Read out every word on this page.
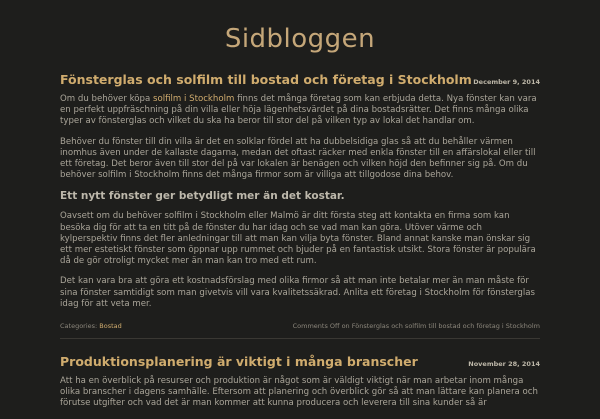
Sidbloggen
Fönsterglas och solfilm till bostad och företag i Stockholm December 9, 2014

Om du behöver köpa solfilm i Stockholm finns det många företag som kan erbjuda detta. Nya fönster kan vara en perfekt uppfräschning på din villa eller höja lägenhetsvärdet på dina bostadsrätter. Det finns många olika typer av fönsterglas och vilket du ska ha beror till stor del på vilken typ av lokal det handlar om.

Behöver du fönster till din villa är det en solklar fördel att ha dubbelsidiga glas så att du behåller värmen inomhus även under de kallaste dagarna, medan det oftast räcker med enkla fönster till en affärslokal eller till ett företag. Det beror även till stor del på var lokalen är benägen och vilken höjd den befinner sig på. Om du behöver solfilm i Stockholm finns det många firmor som är villiga att tillgodose dina behov.

Ett nytt fönster ger betydligt mer än det kostar.

Oavsett om du behöver solfilm i Stockholm eller Malmö är ditt första steg att kontakta en firma som kan besöka dig för att ta en titt på de fönster du har idag och se vad man kan göra. Utöver värme och kylperspektiv finns det fler anledningar till att man kan vilja byta fönster. Bland annat kanske man önskar sig ett mer estetiskt fönster som öppnar upp rummet och bjuder på en fantastisk utsikt. Stora fönster är populära då de gör otroligt mycket mer än man kan tro med ett rum.

Det kan vara bra att göra ett kostnadsförslag med olika firmor så att man inte betalar mer än man måste för sina fönster samtidigt som man givetvis vill vara kvalitetssäkrad. Anlita ett företag i Stockholm för fönsterglas idag för att veta mer.

Categories: Bostad	Comments Off on Fönsterglas och solfilm till bostad och företag i Stockholm
Produktionsplanering är viktigt i många branscher	November 28, 2014

Att ha en överblick på resurser och produktion är något som är väldigt viktigt när man arbetar inom många olika branscher i dagens samhälle. Eftersom att planering och överblick gör så att man lättare kan planera och förutse utgifter och vad det är man kommer att kunna producera och leverera till sina kunder så är
